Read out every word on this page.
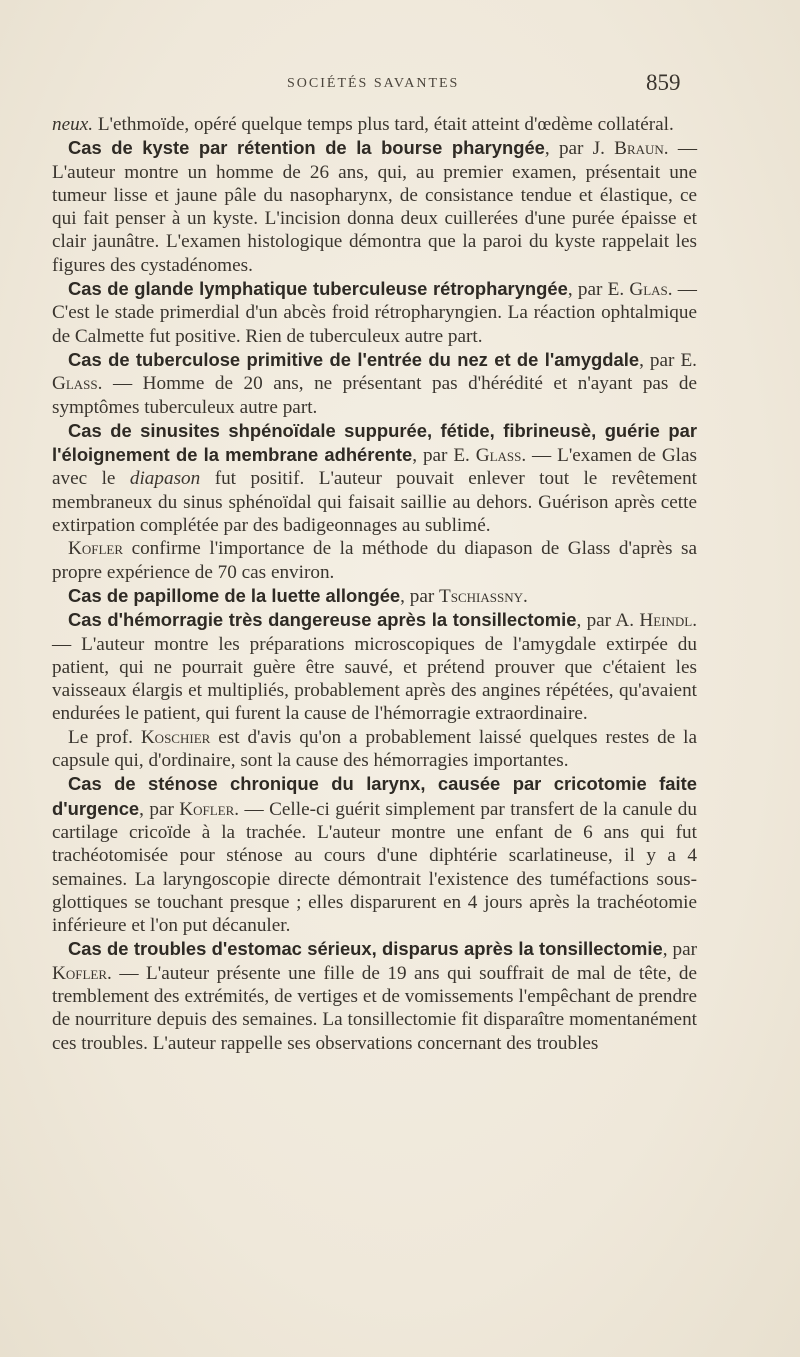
SOCIÉTÉS SAVANTES	859

neux. L'ethmoïde, opéré quelque temps plus tard, était atteint d'œdème collatéral.

Cas de kyste par rétention de la bourse pharyngée, par J. Braun. — L'auteur montre un homme de 26 ans, qui, au premier examen, présentait une tumeur lisse et jaune pâle du nasopharynx, de consistance tendue et élastique, ce qui fait penser à un kyste. L'incision donna deux cuillerées d'une purée épaisse et clair jaunâtre. L'examen histologique démontra que la paroi du kyste rappelait les figures des cystadénomes.

Cas de glande lymphatique tuberculeuse rétropharyngée, par E. Glas. — C'est le stade primerdial d'un abcès froid rétropharyngien. La réaction ophtalmique de Calmette fut positive. Rien de tuberculeux autre part.

Cas de tuberculose primitive de l'entrée du nez et de l'amygdale, par E. Glass. — Homme de 20 ans, ne présentant pas d'hérédité et n'ayant pas de symptômes tuberculeux autre part.

Cas de sinusites shpénoïdale suppurée, fétide, fibrineusè, guérie par l'éloignement de la membrane adhérente, par E. Glass. — L'examen de Glas avec le diapason fut positif. L'auteur pouvait enlever tout le revêtement membraneux du sinus sphénoïdal qui faisait saillie au dehors. Guérison après cette extirpation complétée par des badigeonnages au sublimé.

Kofler confirme l'importance de la méthode du diapason de Glass d'après sa propre expérience de 70 cas environ.

Cas de papillome de la luette allongée, par Tschiassny.

Cas d'hémorragie très dangereuse après la tonsillectomie, par A. Heindl. — L'auteur montre les préparations microscopiques de l'amygdale extirpée du patient, qui ne pourrait guère être sauvé, et prétend prouver que c'étaient les vaisseaux élargis et multipliés, probablement après des angines répétées, qu'avaient endurées le patient, qui furent la cause de l'hémorragie extraordinaire.

Le prof. Koschier est d'avis qu'on a probablement laissé quelques restes de la capsule qui, d'ordinaire, sont la cause des hémorragies importantes.

Cas de sténose chronique du larynx, causée par cricotomie faite d'urgence, par Kofler. — Celle-ci guérit simplement par transfert de la canule du cartilage cricoïde à la trachée. L'auteur montre une enfant de 6 ans qui fut trachéotomisée pour sténose au cours d'une diphtérie scarlatineuse, il y a 4 semaines. La laryngoscopie directe démontrait l'existence des tuméfactions sous-glottiques se touchant presque ; elles disparurent en 4 jours après la trachéotomie inférieure et l'on put décanuler.

Cas de troubles d'estomac sérieux, disparus après la tonsillectomie, par Kofler. — L'auteur présente une fille de 19 ans qui souffrait de mal de tête, de tremblement des extrémités, de vertiges et de vomissements l'empêchant de prendre de nourriture depuis des semaines. La tonsillectomie fit disparaître momentanément ces troubles. L'auteur rappelle ses observations concernant des troubles
